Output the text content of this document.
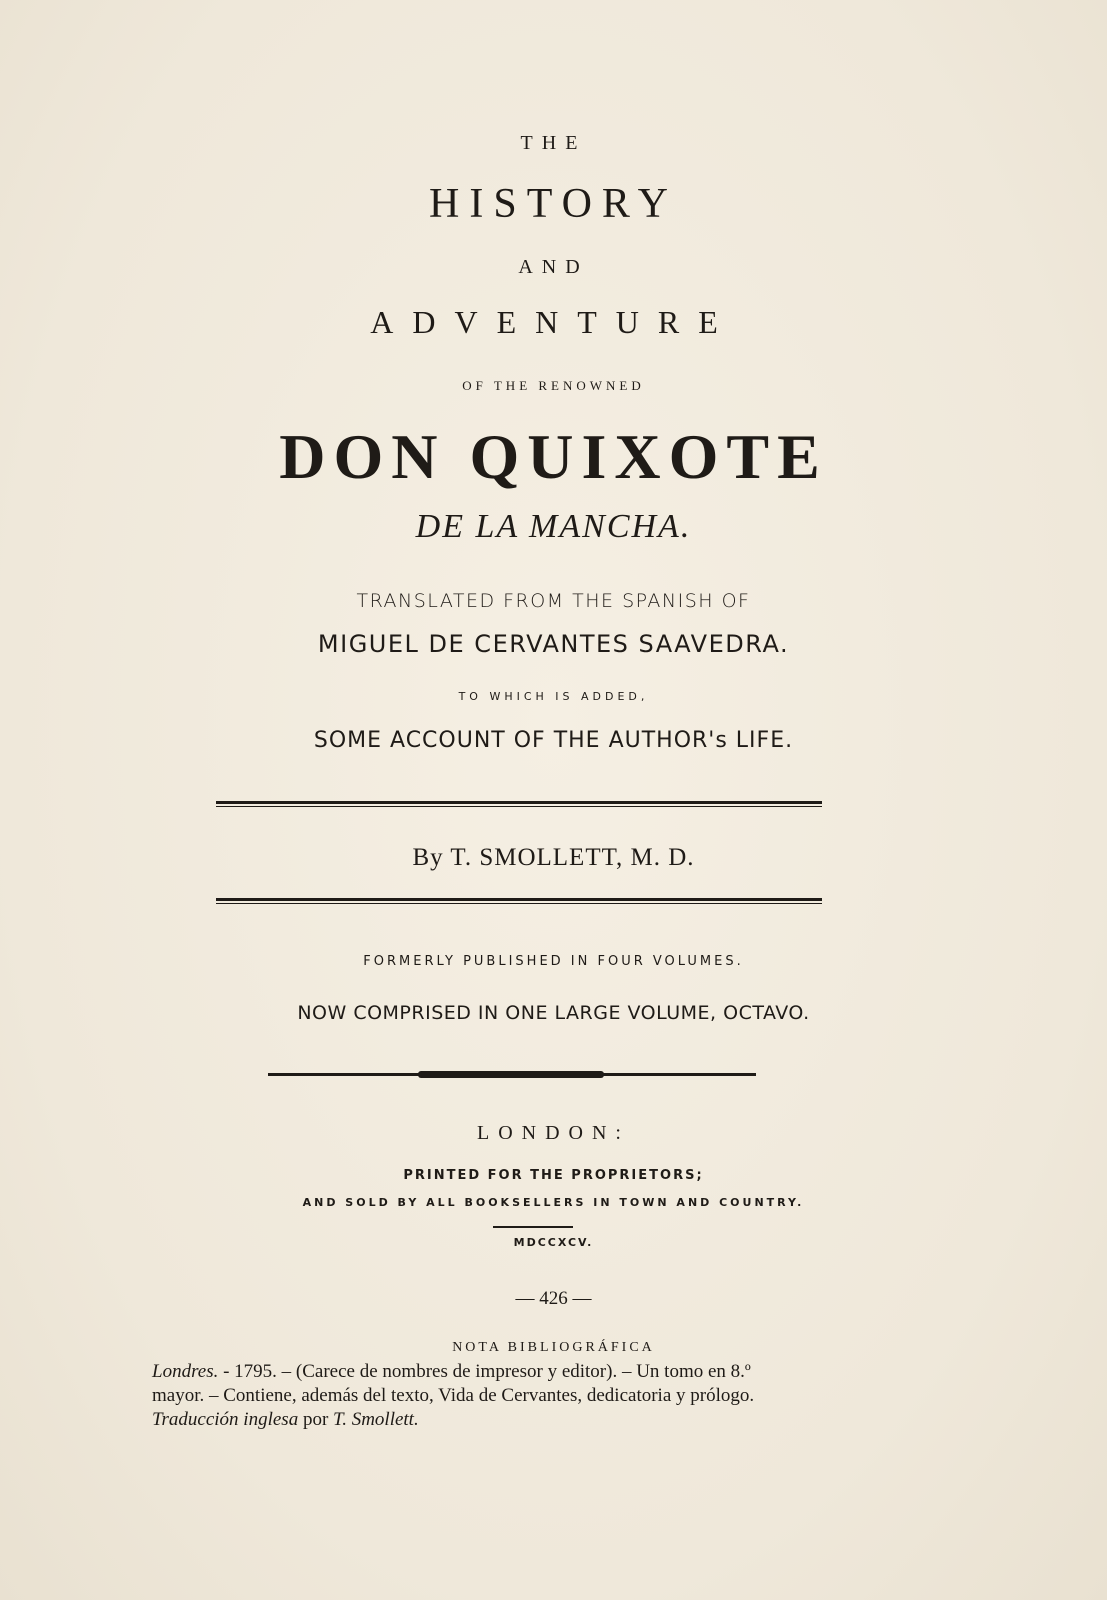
THE
HISTORY
AND
ADVENTURE
OF THE RENOWNED
DON QUIXOTE
DE LA MANCHA.
TRANSLATED FROM THE SPANISH OF
MIGUEL DE CERVANTES SAAVEDRA.
TO WHICH IS ADDED,
SOME ACCOUNT OF THE AUTHOR's LIFE.
By T. SMOLLETT, M. D.
FORMERLY PUBLISHED IN FOUR VOLUMES.
NOW COMPRISED IN ONE LARGE VOLUME, OCTAVO.
LONDON:
PRINTED FOR THE PROPRIETORS;
AND SOLD BY ALL BOOKSELLERS IN TOWN AND COUNTRY.
MDCCXCV.
— 426 —
NOTA BIBLIOGRÁFICA
Londres. - 1795. – (Carece de nombres de impresor y editor). – Un tomo en 8.º
mayor. – Contiene, además del texto, Vida de Cervantes, dedicatoria y prólogo.
Traducción inglesa por T. Smollett.
